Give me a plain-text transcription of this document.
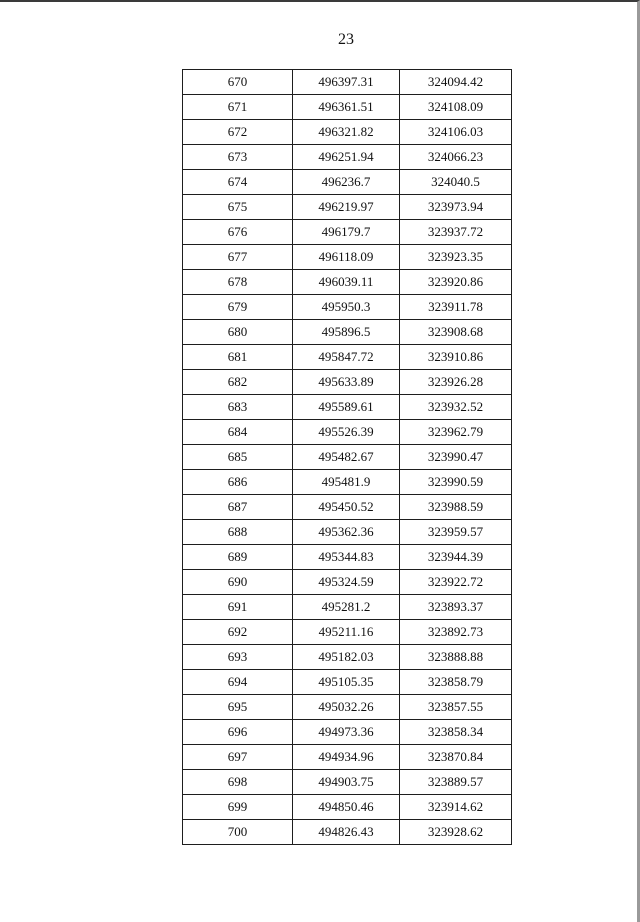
23
670	496397.31	324094.42
671	496361.51	324108.09
672	496321.82	324106.03
673	496251.94	324066.23
674	496236.7	324040.5
675	496219.97	323973.94
676	496179.7	323937.72
677	496118.09	323923.35
678	496039.11	323920.86
679	495950.3	323911.78
680	495896.5	323908.68
681	495847.72	323910.86
682	495633.89	323926.28
683	495589.61	323932.52
684	495526.39	323962.79
685	495482.67	323990.47
686	495481.9	323990.59
687	495450.52	323988.59
688	495362.36	323959.57
689	495344.83	323944.39
690	495324.59	323922.72
691	495281.2	323893.37
692	495211.16	323892.73
693	495182.03	323888.88
694	495105.35	323858.79
695	495032.26	323857.55
696	494973.36	323858.34
697	494934.96	323870.84
698	494903.75	323889.57
699	494850.46	323914.62
700	494826.43	323928.62
